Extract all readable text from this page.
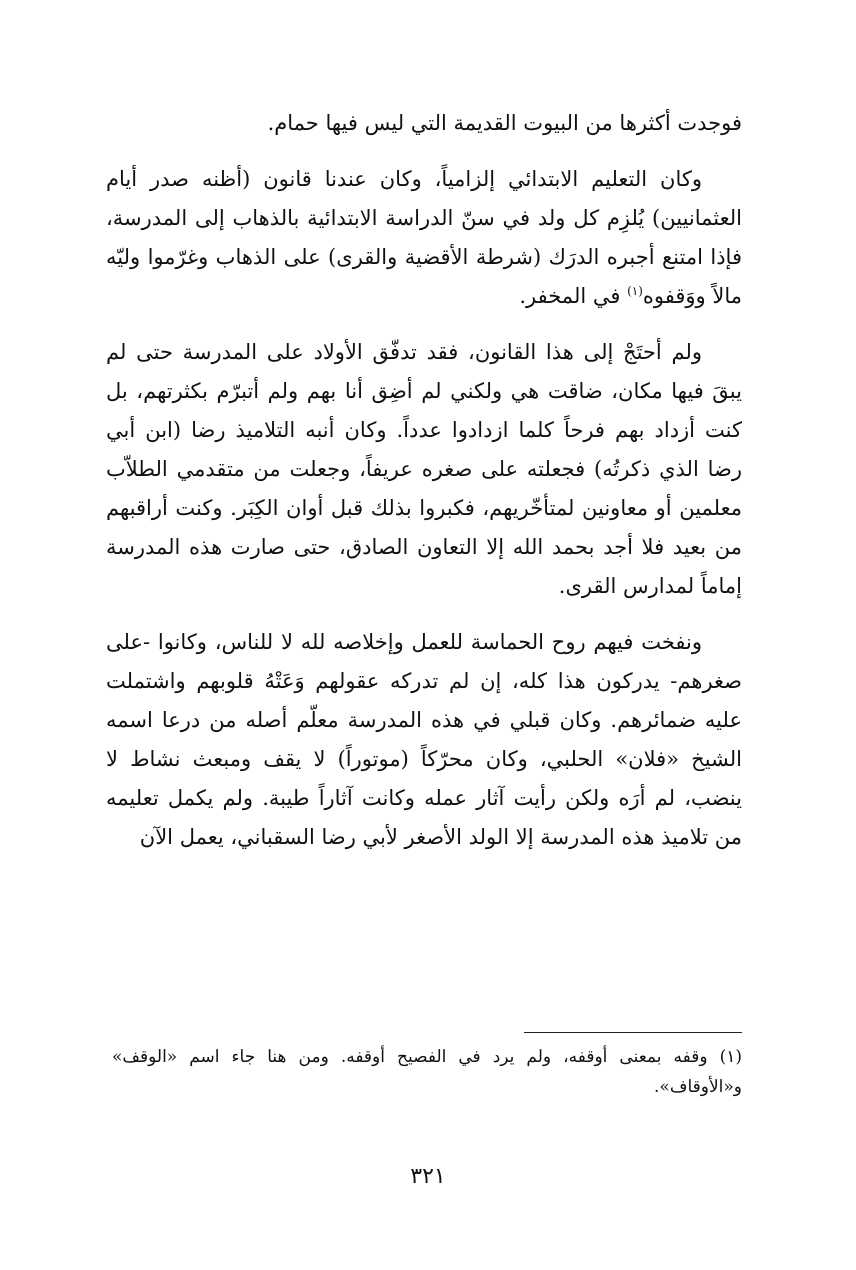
فوجدت أكثرها من البيوت القديمة التي ليس فيها حمام.

وكان التعليم الابتدائي إلزامياً، وكان عندنا قانون (أظنه صدر أيام العثمانيين) يُلزِم كل ولد في سنّ الدراسة الابتدائية بالذهاب إلى المدرسة، فإذا امتنع أجبره الدرَك (شرطة الأقضية والقرى) على الذهاب وغرّموا وليّه مالاً ووَقفوه$^{(١)}$ في المخفر.

ولم أحتَجْ إلى هذا القانون، فقد تدفّق الأولاد على المدرسة حتى لم يبقَ فيها مكان، ضاقت هي ولكني لم أضِق أنا بهم ولم أتبرّم بكثرتهم، بل كنت أزداد بهم فرحاً كلما ازدادوا عدداً. وكان أنبه التلاميذ رضا (ابن أبي رضا الذي ذكرتُه) فجعلته على صغره عريفاً، وجعلت من متقدمي الطلاّب معلمين أو معاونين لمتأخّريهم، فكبروا بذلك قبل أوان الكِبَر. وكنت أراقبهم من بعيد فلا أجد بحمد الله إلا التعاون الصادق، حتى صارت هذه المدرسة إماماً لمدارس القرى.

ونفخت فيهم روح الحماسة للعمل وإخلاصه لله لا للناس، وكانوا -على صغرهم- يدركون هذا كله، إن لم تدركه عقولهم وَعَتْهُ قلوبهم واشتملت عليه ضمائرهم. وكان قبلي في هذه المدرسة معلّم أصله من درعا اسمه الشيخ «فلان» الحلبي، وكان محرّكاً (موتوراً) لا يقف ومبعث نشاط لا ينضب، لم أرَه ولكن رأيت آثار عمله وكانت آثاراً طيبة. ولم يكمل تعليمه من تلاميذ هذه المدرسة إلا الولد الأصغر لأبي رضا السقباني، يعمل الآن

(١) وقفه بمعنى أوقفه، ولم يرد في الفصيح أوقفه. ومن هنا جاء اسم «الوقف» و«الأوقاف».
٣٢١
